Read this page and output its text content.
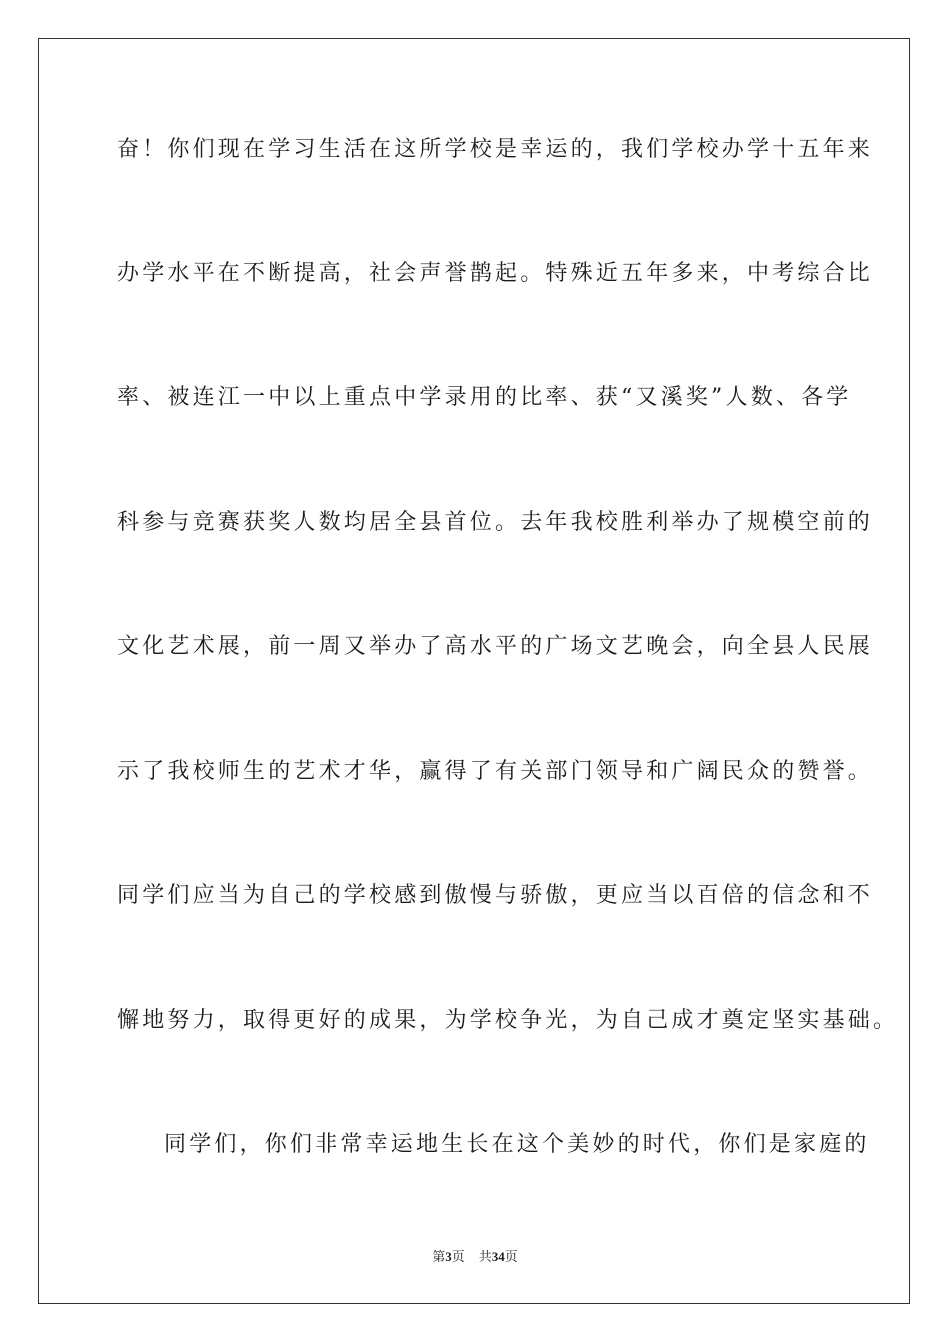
奋！你们现在学习生活在这所学校是幸运的，我们学校办学十五年来
办学水平在不断提高，社会声誉鹊起。特殊近五年多来，中考综合比
率、被连江一中以上重点中学录用的比率、获“又溪奖”人数、各学
科参与竞赛获奖人数均居全县首位。去年我校胜利举办了规模空前的
文化艺术展，前一周又举办了高水平的广场文艺晚会，向全县人民展
示了我校师生的艺术才华，赢得了有关部门领导和广阔民众的赞誉。
同学们应当为自己的学校感到傲慢与骄傲，更应当以百倍的信念和不
懈地努力，取得更好的成果，为学校争光，为自己成才奠定坚实基础。
同学们，你们非常幸运地生长在这个美妙的时代，你们是家庭的
第3页 共34页
